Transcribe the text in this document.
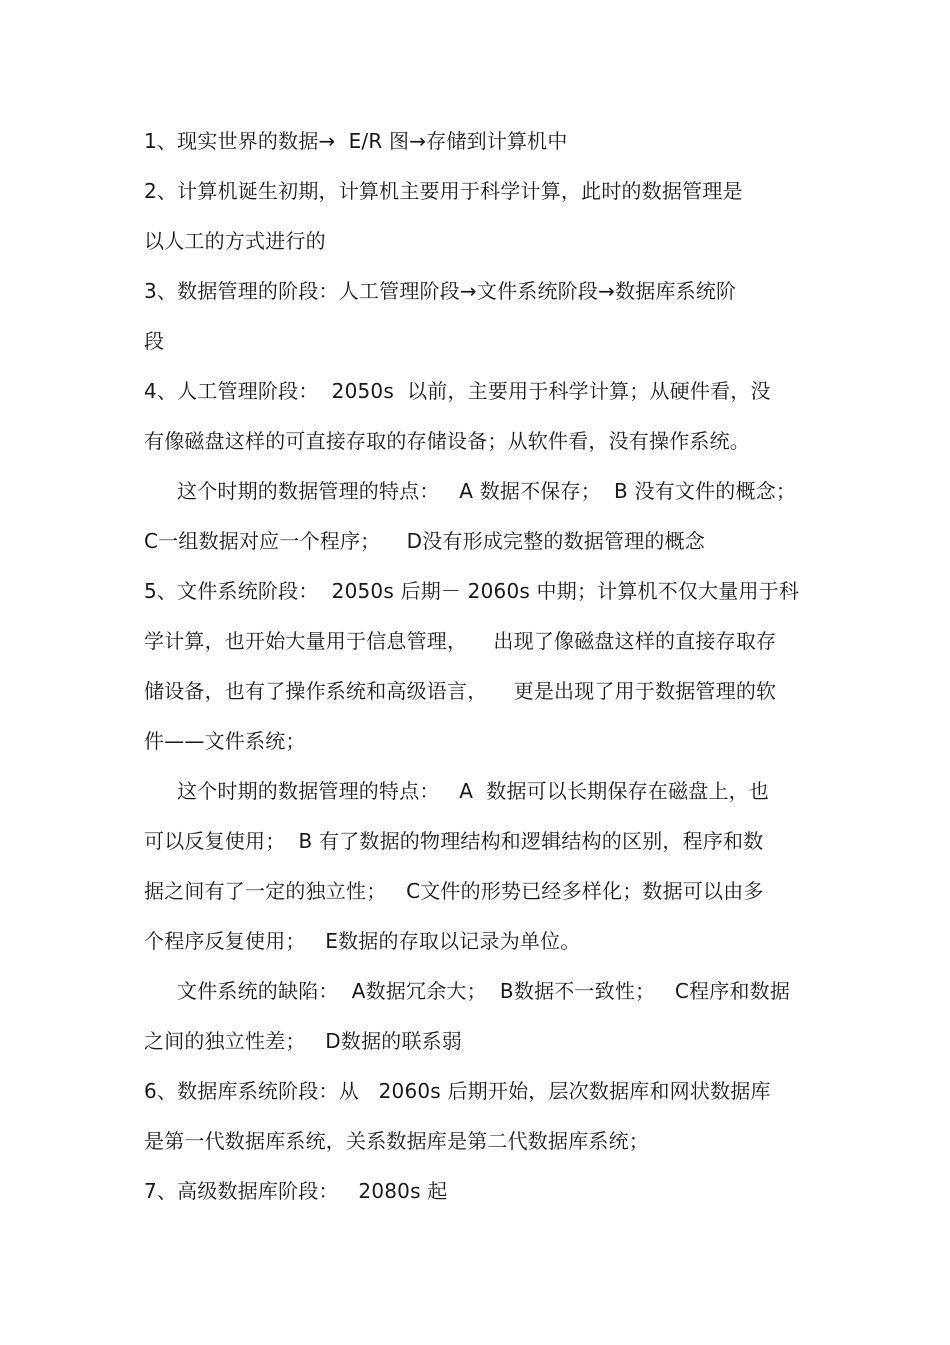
1、现实世界的数据→  E/R 图→存储到计算机中
2、计算机诞生初期，计算机主要用于科学计算，此时的数据管理是
以人工的方式进行的
3、数据管理的阶段：人工管理阶段→文件系统阶段→数据库系统阶
段
4、人工管理阶段：  2050s  以前，主要用于科学计算；从硬件看，没
有像磁盘这样的可直接存取的存储设备；从软件看，没有操作系统。
这个时期的数据管理的特点：   A 数据不保存；  B 没有文件的概念；
C一组数据对应一个程序；    D没有形成完整的数据管理的概念
5、文件系统阶段：  2050s 后期－ 2060s 中期；计算机不仅大量用于科
学计算，也开始大量用于信息管理，    出现了像磁盘这样的直接存取存
储设备，也有了操作系统和高级语言，    更是出现了用于数据管理的软
件——文件系统；
这个时期的数据管理的特点：   A  数据可以长期保存在磁盘上，也
可以反复使用；  B 有了数据的物理结构和逻辑结构的区别，程序和数
据之间有了一定的独立性；   C文件的形势已经多样化；数据可以由多
个程序反复使用；   E数据的存取以记录为单位。
文件系统的缺陷：  A数据冗余大；  B数据不一致性；   C程序和数据
之间的独立性差；   D数据的联系弱
6、数据库系统阶段：从   2060s 后期开始，层次数据库和网状数据库
是第一代数据库系统，关系数据库是第二代数据库系统；
7、高级数据库阶段：   2080s 起
